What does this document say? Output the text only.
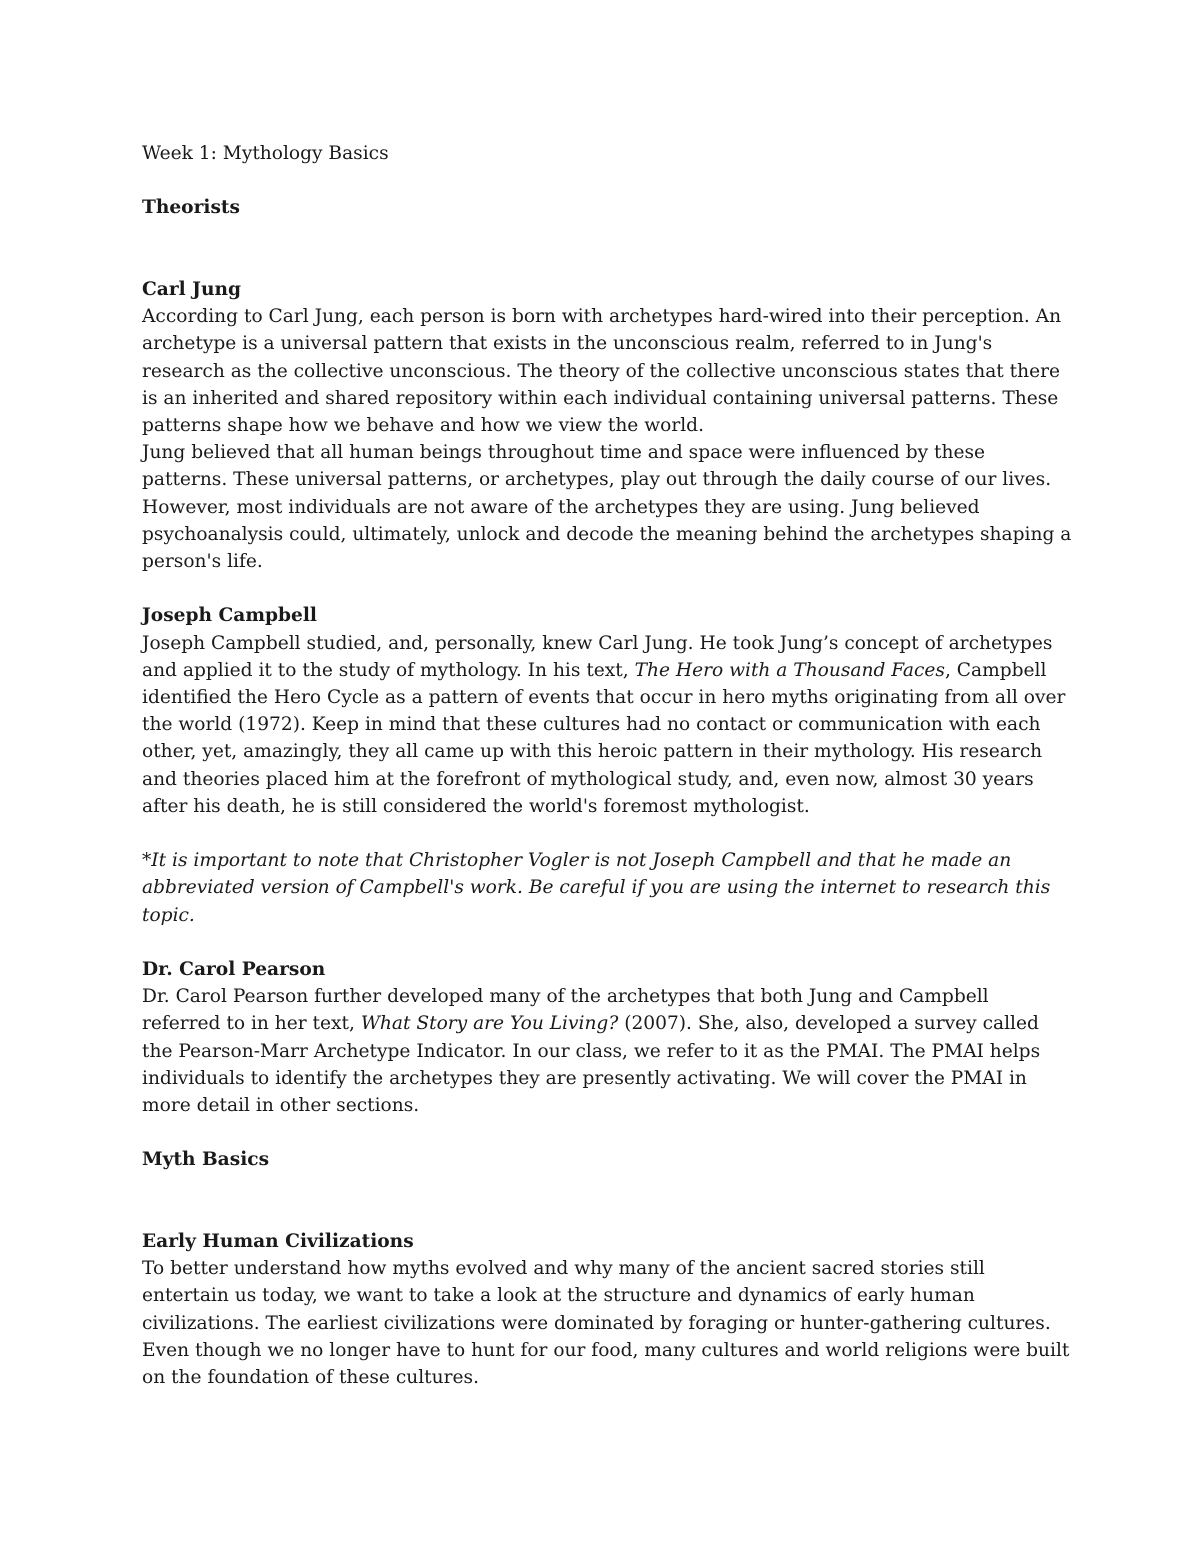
Week 1: Mythology Basics
Theorists
Carl Jung

According to Carl Jung, each person is born with archetypes hard-wired into their perception. An archetype is a universal pattern that exists in the unconscious realm, referred to in Jung's research as the collective unconscious. The theory of the collective unconscious states that there is an inherited and shared repository within each individual containing universal patterns. These patterns shape how we behave and how we view the world.

Jung believed that all human beings throughout time and space were influenced by these patterns. These universal patterns, or archetypes, play out through the daily course of our lives. However, most individuals are not aware of the archetypes they are using. Jung believed psychoanalysis could, ultimately, unlock and decode the meaning behind the archetypes shaping a person's life.

Joseph Campbell

Joseph Campbell studied, and, personally, knew Carl Jung. He took Jung’s concept of archetypes and applied it to the study of mythology. In his text, The Hero with a Thousand Faces, Campbell identified the Hero Cycle as a pattern of events that occur in hero myths originating from all over the world (1972). Keep in mind that these cultures had no contact or communication with each other, yet, amazingly, they all came up with this heroic pattern in their mythology. His research and theories placed him at the forefront of mythological study, and, even now, almost 30 years after his death, he is still considered the world's foremost mythologist.

*It is important to note that Christopher Vogler is not Joseph Campbell and that he made an abbreviated version of Campbell's work. Be careful if you are using the internet to research this topic.

Dr. Carol Pearson

Dr. Carol Pearson further developed many of the archetypes that both Jung and Campbell referred to in her text, What Story are You Living? (2007). She, also, developed a survey called the Pearson-Marr Archetype Indicator. In our class, we refer to it as the PMAI. The PMAI helps individuals to identify the archetypes they are presently activating. We will cover the PMAI in more detail in other sections.

Myth Basics
Early Human Civilizations

To better understand how myths evolved and why many of the ancient sacred stories still entertain us today, we want to take a look at the structure and dynamics of early human civilizations. The earliest civilizations were dominated by foraging or hunter-gathering cultures. Even though we no longer have to hunt for our food, many cultures and world religions were built on the foundation of these cultures.
